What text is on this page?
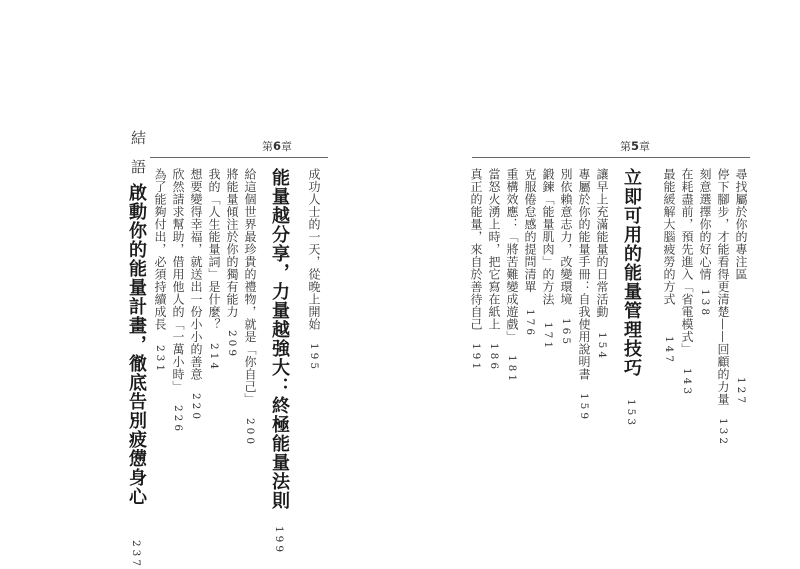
第5章
尋找屬於你的專注區127
停下腳步，才能看得更清楚——回顧的力量132
刻意選擇你的好心情138
在耗盡前，預先進入「省電模式」143
最能緩解大腦疲勞的方式147
立即可用的能量管理技巧153
讓早上充滿能量的日常活動154
專屬於你的能量手冊：自我使用說明書159
別依賴意志力，改變環境165
鍛鍊「能量肌肉」的方法171
克服倦怠感的提問清單176
重構效應：「將苦難變成遊戲」181
當怒火湧上時，把它寫在紙上186
真正的能量，來自於善待自己191
第6章
成功人士的一天，從晚上開始195
能量越分享，力量越強大：終極能量法則199
給這個世界最珍貴的禮物，就是「你自己」200
將能量傾注於你的獨有能力209
我的「人生能量詞」是什麼？214
想要變得幸福，就送出一份小小的善意220
欣然請求幫助，借用他人的「一萬小時」226
為了能夠付出，必須持續成長231
結語
啟動你的能量計畫，徹底告別疲憊身心237
